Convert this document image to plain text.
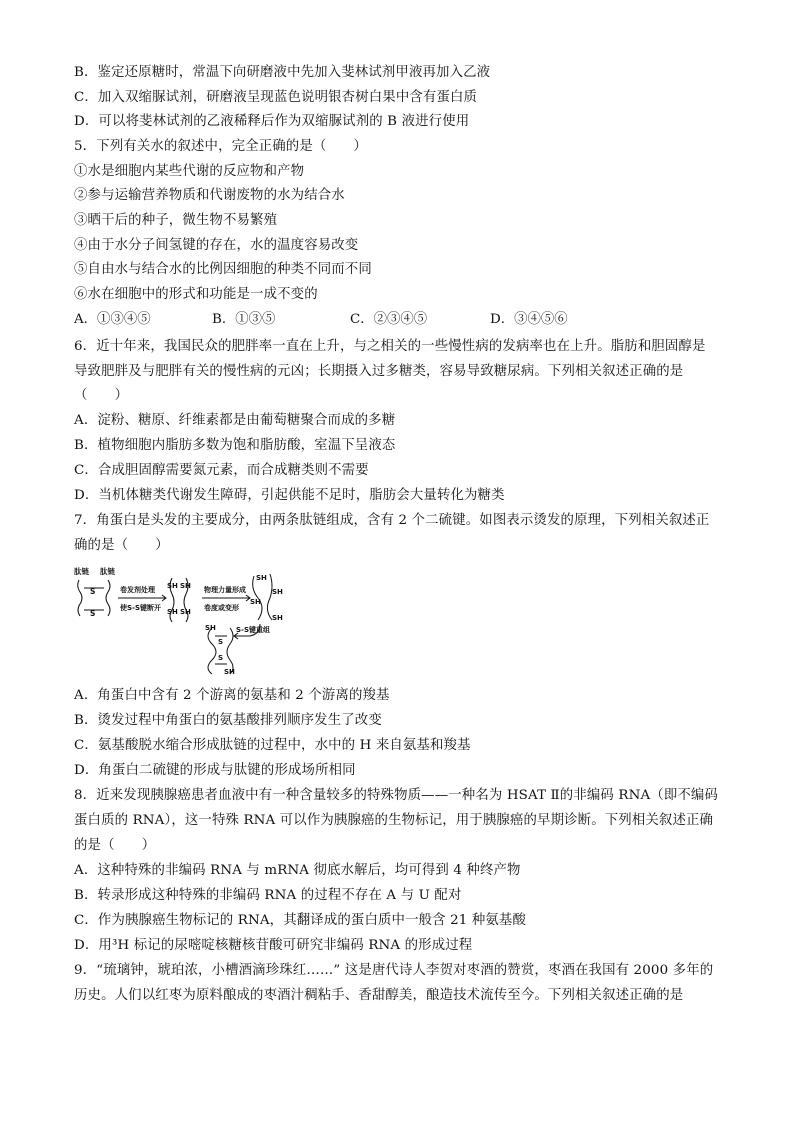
B．鉴定还原糖时，常温下向研磨液中先加入斐林试剂甲液再加入乙液
C．加入双缩脲试剂，研磨液呈现蓝色说明银杏树白果中含有蛋白质
D．可以将斐林试剂的乙液稀释后作为双缩脲试剂的 B 液进行使用
5．下列有关水的叙述中，完全正确的是（　　）
①水是细胞内某些代谢的反应物和产物
②参与运输营养物质和代谢废物的水为结合水
③晒干后的种子，微生物不易繁殖
④由于水分子间氢键的存在，水的温度容易改变
⑤自由水与结合水的比例因细胞的种类不同而不同
⑥水在细胞中的形式和功能是一成不变的
A．①③④⑤	B．①③⑤	C．②③④⑤	D．③④⑤⑥
6．近十年来，我国民众的肥胖率一直在上升，与之相关的一些慢性病的发病率也在上升。脂肪和胆固醇是
导致肥胖及与肥胖有关的慢性病的元凶；长期摄入过多糖类，容易导致糖尿病。下列相关叙述正确的是
（　　）
A．淀粉、糖原、纤维素都是由葡萄糖聚合而成的多糖
B．植物细胞内脂肪多数为饱和脂肪酸，室温下呈液态
C．合成胆固醇需要氮元素，而合成糖类则不需要
D．当机体糖类代谢发生障碍，引起供能不足时，脂肪会大量转化为糖类
7．角蛋白是头发的主要成分，由两条肽链组成，含有 2 个二硫键。如图表示烫发的原理，下列相关叙述正
确的是（　　）
肽链 肽链
S
S
卷发剂处理
使S-S键断开
SH SH
SH SH
物理力量形成
卷度或变形
SH
SH
SH
SH
S-S键重组
SH
S
S
SH
A．角蛋白中含有 2 个游离的氨基和 2 个游离的羧基
B．烫发过程中角蛋白的氨基酸排列顺序发生了改变
C．氨基酸脱水缩合形成肽链的过程中，水中的 H 来自氨基和羧基
D．角蛋白二硫键的形成与肽键的形成场所相同
8．近来发现胰腺癌患者血液中有一种含量较多的特殊物质——一种名为 HSAT Ⅱ的非编码 RNA（即不编码
蛋白质的 RNA），这一特殊 RNA 可以作为胰腺癌的生物标记，用于胰腺癌的早期诊断。下列相关叙述正确
的是（　　）
A．这种特殊的非编码 RNA 与 mRNA 彻底水解后，均可得到 4 种终产物
B．转录形成这种特殊的非编码 RNA 的过程不存在 A 与 U 配对
C．作为胰腺癌生物标记的 RNA，其翻译成的蛋白质中一般含 21 种氨基酸
D．用³H 标记的尿嘧啶核糖核苷酸可研究非编码 RNA 的形成过程
9．“琉璃钟，琥珀浓，小槽酒滴珍珠红……” 这是唐代诗人李贺对枣酒的赞赏，枣酒在我国有 2000 多年的
历史。人们以红枣为原料酿成的枣酒汁稠粘手、香甜醇美，酿造技术流传至今。下列相关叙述正确的是
